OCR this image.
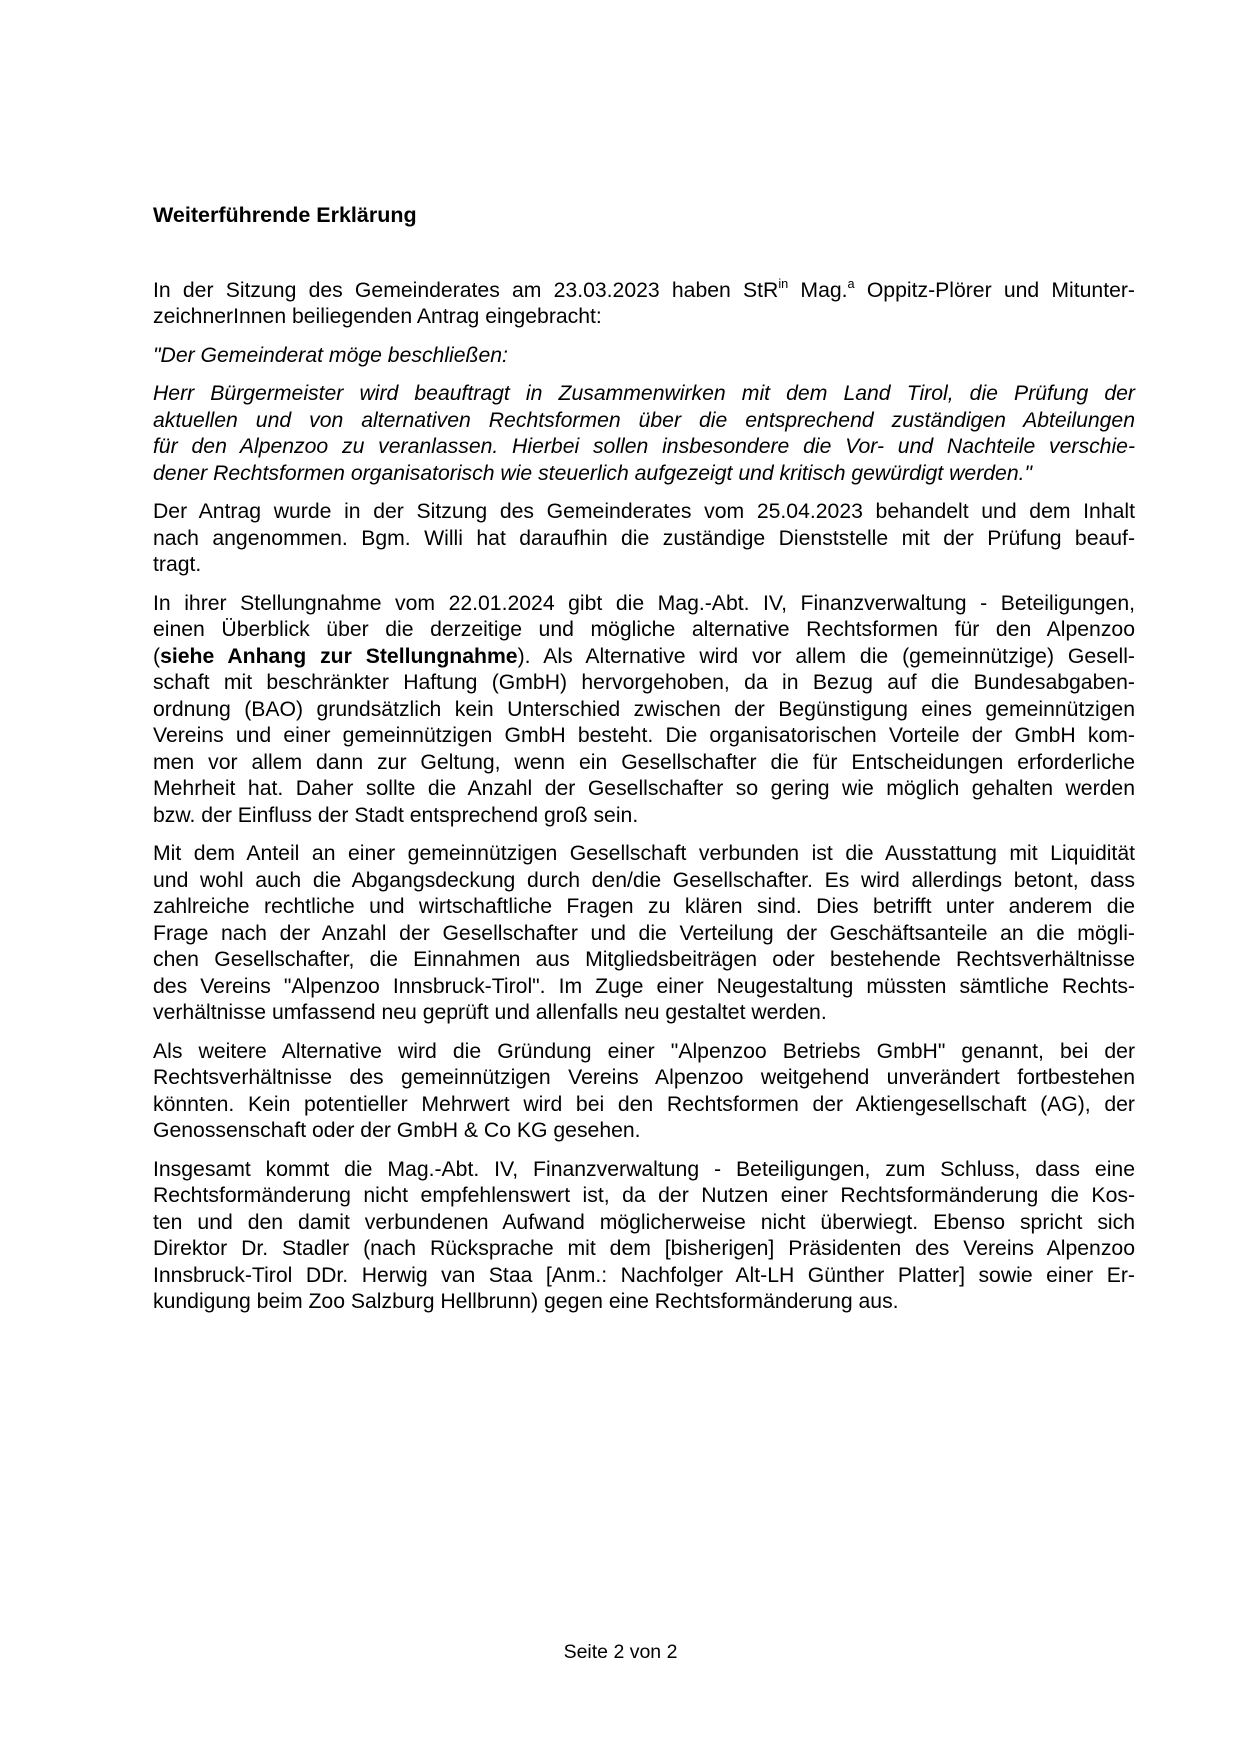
Weiterführende Erklärung
In der Sitzung des Gemeinderates am 23.03.2023 haben StR$^{in}$ Mag.$^a$ Oppitz-Plörer und Mitunter-
zeichnerInnen beiliegenden Antrag eingebracht:
"Der Gemeinderat möge beschließen:
Herr Bürgermeister wird beauftragt in Zusammenwirken mit dem Land Tirol, die Prüfung der
aktuellen und von alternativen Rechtsformen über die entsprechend zuständigen Abteilungen
für den Alpenzoo zu veranlassen. Hierbei sollen insbesondere die Vor- und Nachteile verschie-
dener Rechtsformen organisatorisch wie steuerlich aufgezeigt und kritisch gewürdigt werden."
Der Antrag wurde in der Sitzung des Gemeinderates vom 25.04.2023 behandelt und dem Inhalt
nach angenommen. Bgm. Willi hat daraufhin die zuständige Dienststelle mit der Prüfung beauf-
tragt.
In ihrer Stellungnahme vom 22.01.2024 gibt die Mag.-Abt. IV, Finanzverwaltung - Beteiligungen,
einen Überblick über die derzeitige und mögliche alternative Rechtsformen für den Alpenzoo
(siehe Anhang zur Stellungnahme). Als Alternative wird vor allem die (gemeinnützige) Gesell-
schaft mit beschränkter Haftung (GmbH) hervorgehoben, da in Bezug auf die Bundesabgaben-
ordnung (BAO) grundsätzlich kein Unterschied zwischen der Begünstigung eines gemeinnützigen
Vereins und einer gemeinnützigen GmbH besteht. Die organisatorischen Vorteile der GmbH kom-
men vor allem dann zur Geltung, wenn ein Gesellschafter die für Entscheidungen erforderliche
Mehrheit hat. Daher sollte die Anzahl der Gesellschafter so gering wie möglich gehalten werden
bzw. der Einfluss der Stadt entsprechend groß sein.
Mit dem Anteil an einer gemeinnützigen Gesellschaft verbunden ist die Ausstattung mit Liquidität
und wohl auch die Abgangsdeckung durch den/die Gesellschafter. Es wird allerdings betont, dass
zahlreiche rechtliche und wirtschaftliche Fragen zu klären sind. Dies betrifft unter anderem die
Frage nach der Anzahl der Gesellschafter und die Verteilung der Geschäftsanteile an die mögli-
chen Gesellschafter, die Einnahmen aus Mitgliedsbeiträgen oder bestehende Rechtsverhältnisse
des Vereins "Alpenzoo Innsbruck-Tirol". Im Zuge einer Neugestaltung müssten sämtliche Rechts-
verhältnisse umfassend neu geprüft und allenfalls neu gestaltet werden.
Als weitere Alternative wird die Gründung einer "Alpenzoo Betriebs GmbH" genannt, bei der
Rechtsverhältnisse des gemeinnützigen Vereins Alpenzoo weitgehend unverändert fortbestehen
könnten. Kein potentieller Mehrwert wird bei den Rechtsformen der Aktiengesellschaft (AG), der
Genossenschaft oder der GmbH & Co KG gesehen.
Insgesamt kommt die Mag.-Abt. IV, Finanzverwaltung - Beteiligungen, zum Schluss, dass eine
Rechtsformänderung nicht empfehlenswert ist, da der Nutzen einer Rechtsformänderung die Kos-
ten und den damit verbundenen Aufwand möglicherweise nicht überwiegt. Ebenso spricht sich
Direktor Dr. Stadler (nach Rücksprache mit dem [bisherigen] Präsidenten des Vereins Alpenzoo
Innsbruck-Tirol DDr. Herwig van Staa [Anm.: Nachfolger Alt-LH Günther Platter] sowie einer Er-
kundigung beim Zoo Salzburg Hellbrunn) gegen eine Rechtsformänderung aus.
Seite 2 von 2
